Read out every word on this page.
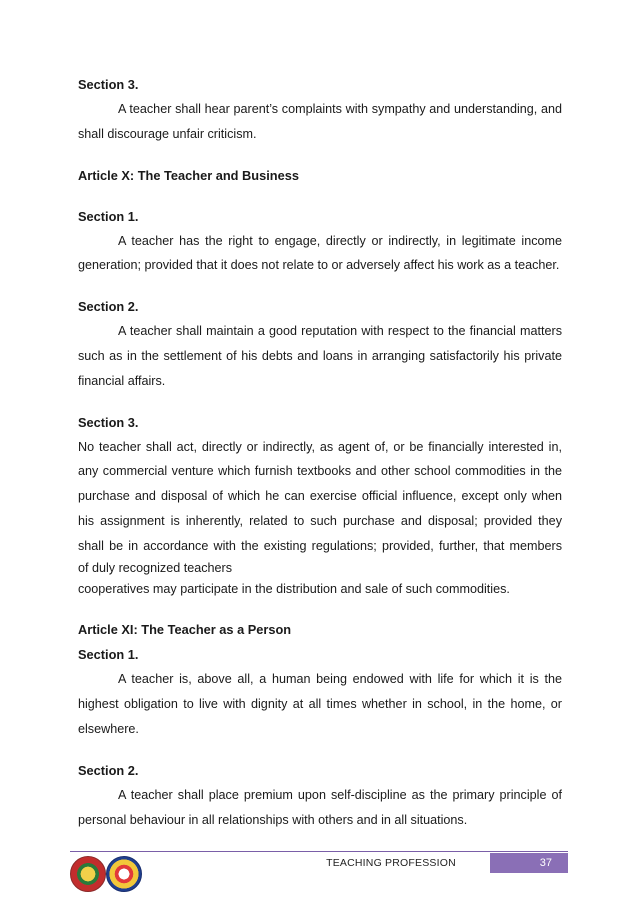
Section 3.

A teacher shall hear parent’s complaints with sympathy and understanding, and shall discourage unfair criticism.

Article X: The Teacher and Business

Section 1.

A teacher has the right to engage, directly or indirectly, in legitimate income generation; provided that it does not relate to or adversely affect his work as a teacher.

Section 2.

A teacher shall maintain a good reputation with respect to the financial matters such as in the settlement of his debts and loans in arranging satisfactorily his private financial affairs.

Section 3.

No teacher shall act, directly or indirectly, as agent of, or be financially interested in,
any commercial venture which furnish textbooks and other school commodities in the
purchase and disposal of which he can exercise official influence, except only when
his assignment is inherently, related to such purchase and disposal; provided they
shall be in accordance with the existing regulations; provided, further, that members
of duly recognized teachers
cooperatives may participate in the distribution and sale of such commodities.

Article XI: The Teacher as a Person

Section 1.

A teacher is, above all, a human being endowed with life for which it is the highest obligation to live with dignity at all times whether in school, in the home, or elsewhere.

Section 2.

A teacher shall place premium upon self-discipline as the primary principle of personal behaviour in all relationships with others and in all situations.

TEACHING PROFESSION	37
